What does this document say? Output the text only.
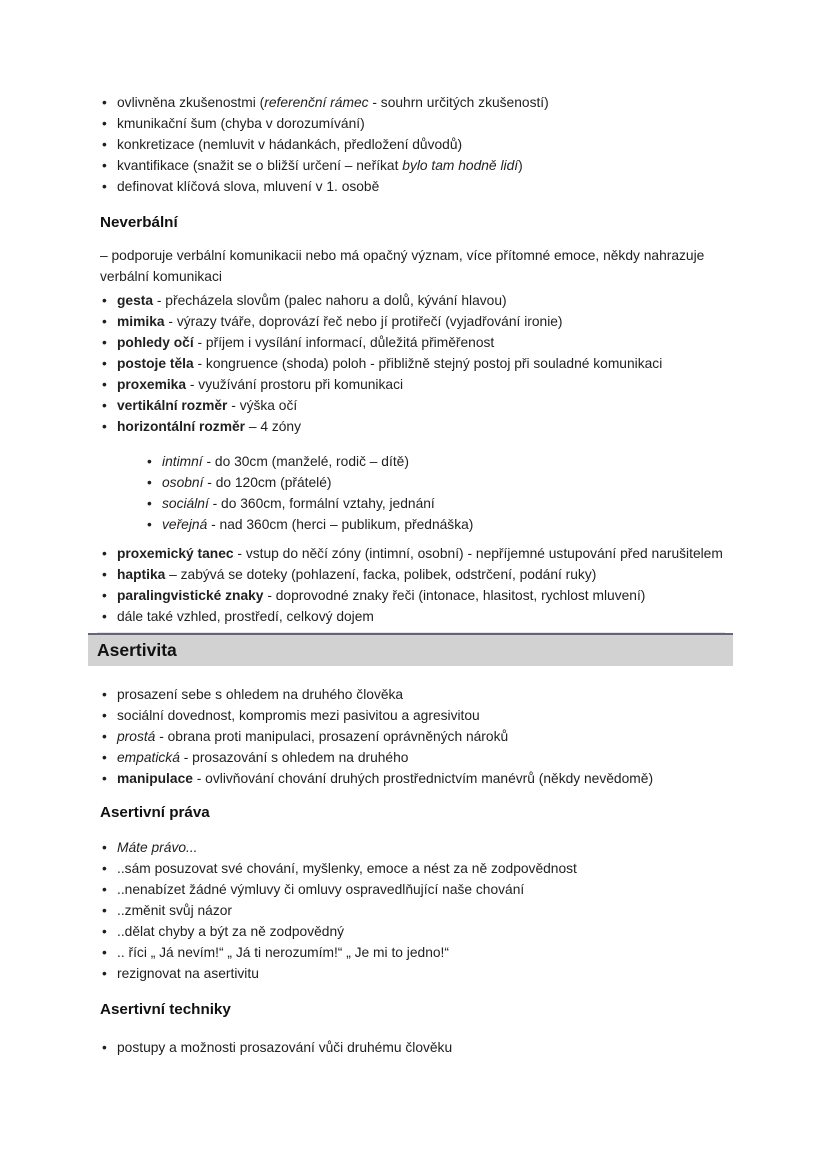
• ovlivněna zkušenostmi (referenční rámec - souhrn určitých zkušeností)
• kmunikační šum (chyba v dorozumívání)
• konkretizace (nemluvit v hádankách, předložení důvodů)
• kvantifikace (snažit se o bližší určení – neříkat bylo tam hodně lidí)
• definovat klíčová slova, mluvení v 1. osobě
Neverbální

– podporuje verbální komunikacii nebo má opačný význam, více přítomné emoce, někdy nahrazuje verbální komunikaci

• gesta - přecházela slovům (palec nahoru a dolů, kývání hlavou)
• mimika - výrazy tváře, doprovází řeč nebo jí protiřečí (vyjadřování ironie)
• pohledy očí - příjem i vysílání informací, důležitá přiměřenost
• postoje těla - kongruence (shoda) poloh - přibližně stejný postoj při souladné komunikaci
• proxemika - využívání prostoru při komunikaci
• vertikální rozměr - výška očí
• horizontální rozměr – 4 zóny
• intimní - do 30cm (manželé, rodič – dítě)
• osobní - do 120cm (přátelé)
• sociální - do 360cm, formální vztahy, jednání
• veřejná - nad 360cm (herci – publikum, přednáška)
• proxemický tanec - vstup do něčí zóny (intimní, osobní) - nepříjemné ustupování před narušitelem
• haptika – zabývá se doteky (pohlazení, facka, polibek, odstrčení, podání ruky)
• paralingvistické znaky - doprovodné znaky řeči (intonace, hlasitost, rychlost mluvení)
• dále také vzhled, prostředí, celkový dojem
Asertivita
• prosazení sebe s ohledem na druhého člověka
• sociální dovednost, kompromis mezi pasivitou a agresivitou
• prostá - obrana proti manipulaci, prosazení oprávněných nároků
• empatická - prosazování s ohledem na druhého
• manipulace - ovlivňování chování druhých prostřednictvím manévrů (někdy nevědomě)
Asertivní práva
• Máte právo...
• ..sám posuzovat své chování, myšlenky, emoce a nést za ně zodpovědnost
• ..nenabízet žádné výmluvy či omluvy ospravedlňující naše chování
• ..změnit svůj názor
• ..dělat chyby a být za ně zodpovědný
• .. říci „ Já nevím!“ „ Já ti nerozumím!“ „ Je mi to jedno!“
• rezignovat na asertivitu
Asertivní techniky
• postupy a možnosti prosazování vůči druhému člověku
